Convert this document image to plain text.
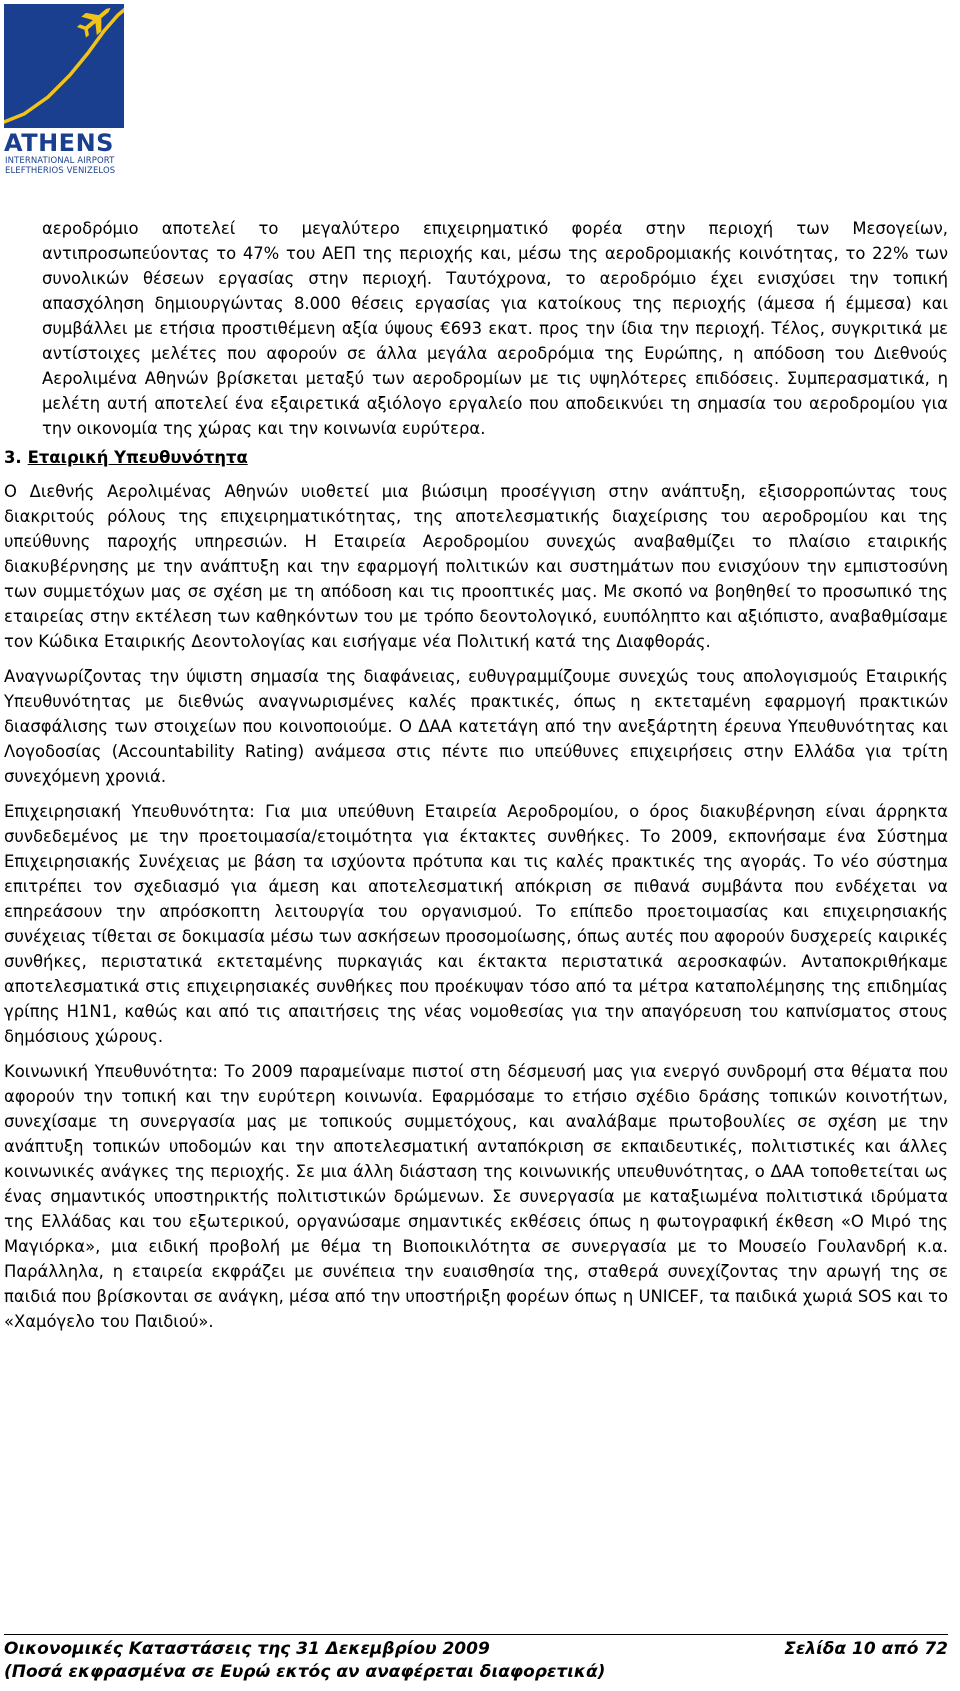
ATHENS
INTERNATIONAL AIRPORT
ELEFTHERIOS VENIZELOS

αεροδρόμιο αποτελεί το μεγαλύτερο επιχειρηματικό φορέα στην περιοχή των Μεσογείων, αντιπροσωπεύοντας το 47% του ΑΕΠ της περιοχής και, μέσω της αεροδρομιακής κοινότητας, το 22% των συνολικών θέσεων εργασίας στην περιοχή. Ταυτόχρονα, το αεροδρόμιο έχει ενισχύσει την τοπική απασχόληση δημιουργώντας 8.000 θέσεις εργασίας για κατοίκους της περιοχής (άμεσα ή έμμεσα) και συμβάλλει με ετήσια προστιθέμενη αξία ύψους €693 εκατ. προς την ίδια την περιοχή. Τέλος, συγκριτικά με αντίστοιχες μελέτες που αφορούν σε άλλα μεγάλα αεροδρόμια της Ευρώπης, η απόδοση του Διεθνούς Αερολιμένα Αθηνών βρίσκεται μεταξύ των αεροδρομίων με τις υψηλότερες επιδόσεις. Συμπερασματικά, η μελέτη αυτή αποτελεί ένα εξαιρετικά αξιόλογο εργαλείο που αποδεικνύει τη σημασία του αεροδρομίου για την οικονομία της χώρας και την κοινωνία ευρύτερα.

3. Εταιρική Υπευθυνότητα

Ο Διεθνής Αερολιμένας Αθηνών υιοθετεί μια βιώσιμη προσέγγιση στην ανάπτυξη, εξισορροπώντας τους διακριτούς ρόλους της επιχειρηματικότητας, της αποτελεσματικής διαχείρισης του αεροδρομίου και της υπεύθυνης παροχής υπηρεσιών. Η Εταιρεία Αεροδρομίου συνεχώς αναβαθμίζει το πλαίσιο εταιρικής διακυβέρνησης με την ανάπτυξη και την εφαρμογή πολιτικών και συστημάτων που ενισχύουν την εμπιστοσύνη των συμμετόχων μας σε σχέση με τη απόδοση και τις προοπτικές μας. Με σκοπό να βοηθηθεί το προσωπικό της εταιρείας στην εκτέλεση των καθηκόντων του με τρόπο δεοντολογικό, ευυπόληπτο και αξιόπιστο, αναβαθμίσαμε τον Κώδικα Εταιρικής Δεοντολογίας και εισήγαμε νέα Πολιτική κατά της Διαφθοράς.

Αναγνωρίζοντας την ύψιστη σημασία της διαφάνειας, ευθυγραμμίζουμε συνεχώς τους απολογισμούς Εταιρικής Υπευθυνότητας με διεθνώς αναγνωρισμένες καλές πρακτικές, όπως η εκτεταμένη εφαρμογή πρακτικών διασφάλισης των στοιχείων που κοινοποιούμε. Ο ΔΑΑ κατετάγη από την ανεξάρτητη έρευνα Υπευθυνότητας και Λογοδοσίας (Accountability Rating) ανάμεσα στις πέντε πιο υπεύθυνες επιχειρήσεις στην Ελλάδα για τρίτη συνεχόμενη χρονιά.

Επιχειρησιακή Υπευθυνότητα: Για μια υπεύθυνη Εταιρεία Αεροδρομίου, ο όρος διακυβέρνηση είναι άρρηκτα συνδεδεμένος με την προετοιμασία/ετοιμότητα για έκτακτες συνθήκες. Το 2009, εκπονήσαμε ένα Σύστημα Επιχειρησιακής Συνέχειας με βάση τα ισχύοντα πρότυπα και τις καλές πρακτικές της αγοράς. Το νέο σύστημα επιτρέπει τον σχεδιασμό για άμεση και αποτελεσματική απόκριση σε πιθανά συμβάντα που ενδέχεται να επηρεάσουν την απρόσκοπτη λειτουργία του οργανισμού. Το επίπεδο προετοιμασίας και επιχειρησιακής συνέχειας τίθεται σε δοκιμασία μέσω των ασκήσεων προσομοίωσης, όπως αυτές που αφορούν δυσχερείς καιρικές συνθήκες, περιστατικά εκτεταμένης πυρκαγιάς και έκτακτα περιστατικά αεροσκαφών. Ανταποκριθήκαμε αποτελεσματικά στις επιχειρησιακές συνθήκες που προέκυψαν τόσο από τα μέτρα καταπολέμησης της επιδημίας γρίπης Η1Ν1, καθώς και από τις απαιτήσεις της νέας νομοθεσίας για την απαγόρευση του καπνίσματος στους δημόσιους χώρους.

Κοινωνική Υπευθυνότητα: Το 2009 παραμείναμε πιστοί στη δέσμευσή μας για ενεργό συνδρομή στα θέματα που αφορούν την τοπική και την ευρύτερη κοινωνία. Εφαρμόσαμε το ετήσιο σχέδιο δράσης τοπικών κοινοτήτων, συνεχίσαμε τη συνεργασία μας με τοπικούς συμμετόχους, και αναλάβαμε πρωτοβουλίες σε σχέση με την ανάπτυξη τοπικών υποδομών και την αποτελεσματική ανταπόκριση σε εκπαιδευτικές, πολιτιστικές και άλλες κοινωνικές ανάγκες της περιοχής. Σε μια άλλη διάσταση της κοινωνικής υπευθυνότητας, ο ΔΑΑ τοποθετείται ως ένας σημαντικός υποστηρικτής πολιτιστικών δρώμενων. Σε συνεργασία με καταξιωμένα πολιτιστικά ιδρύματα της Ελλάδας και του εξωτερικού, οργανώσαμε σημαντικές εκθέσεις όπως η φωτογραφική έκθεση «Ο Μιρό της Μαγιόρκα», μια ειδική προβολή με θέμα τη Βιοποικιλότητα σε συνεργασία με το Μουσείο Γουλανδρή κ.α. Παράλληλα, η εταιρεία εκφράζει με συνέπεια την ευαισθησία της, σταθερά συνεχίζοντας την αρωγή της σε παιδιά που βρίσκονται σε ανάγκη, μέσα από την υποστήριξη φορέων όπως η UNICEF, τα παιδικά χωριά SOS και το «Χαμόγελο του Παιδιού».

Οικονομικές Καταστάσεις της 31 Δεκεμβρίου 2009	Σελίδα 10 από 72
(Ποσά εκφρασμένα σε Ευρώ εκτός αν αναφέρεται διαφορετικά)
